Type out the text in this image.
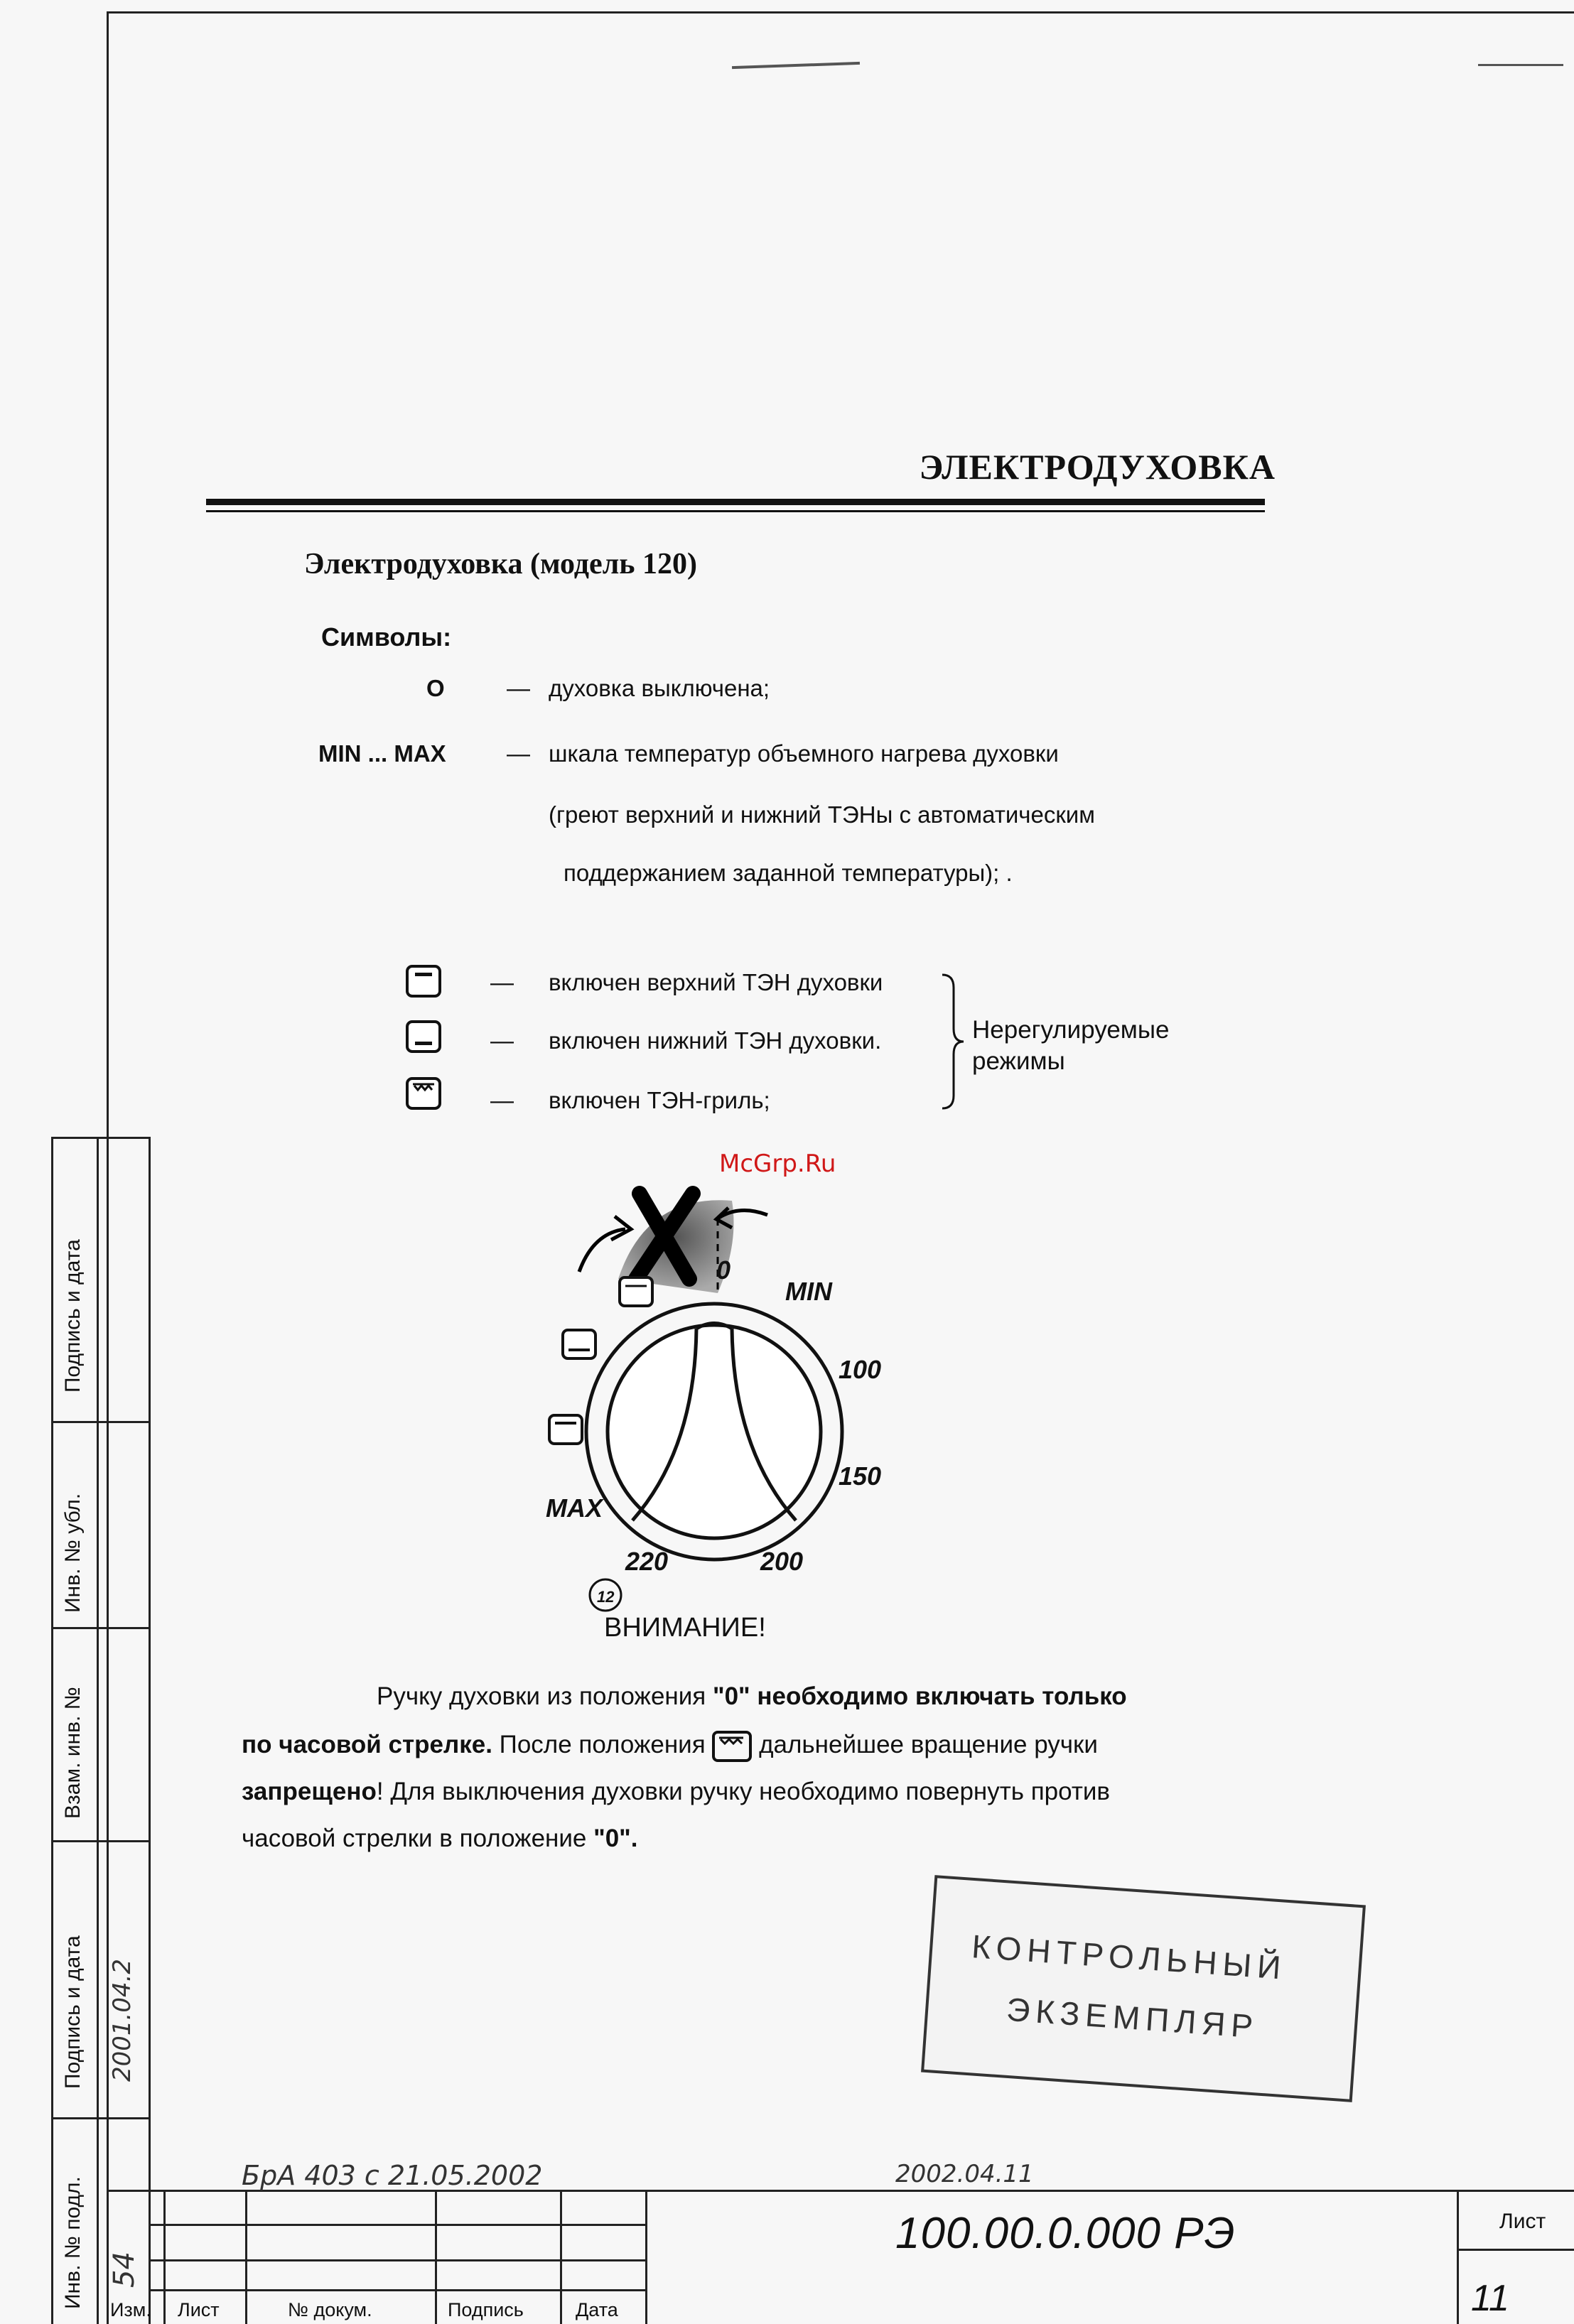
ЭЛЕКТРОДУХОВКА
Электродуховка (модель 120)
Символы:
О	— духовка выключена;
MIN ... MAX	— шкала температур объемного нагрева духовки
(греют верхний и нижний ТЭНы с автоматическим
поддержанием заданной температуры); .
— включен верхний ТЭН духовки
— включен нижний ТЭН духовки.
— включен ТЭН-гриль;
Нерегулируемые режимы
McGrp.Ru
0
MIN
100
150
200
220
MAX
12
ВНИМАНИЕ!
Ручку духовки из положения "0" необходимо включать только
по часовой стрелке. После положения
дальнейшее вращение ручки
запрещено! Для выключения духовки ручку необходимо повернуть против
часовой стрелки в положение "0".
КОНТРОЛЬНЫЙ
ЭКЗЕМПЛЯР
Подпись и дата
Инв. № убл.
Взам. инв. №
Подпись и дата
Инв. № подл.
2001.04.2
54
Изм. Лист	№ докум.	Подпись	Дата
БрА 403 с 21.05.2002	2002.04.11
100.00.0.000 РЭ	Лист
11
